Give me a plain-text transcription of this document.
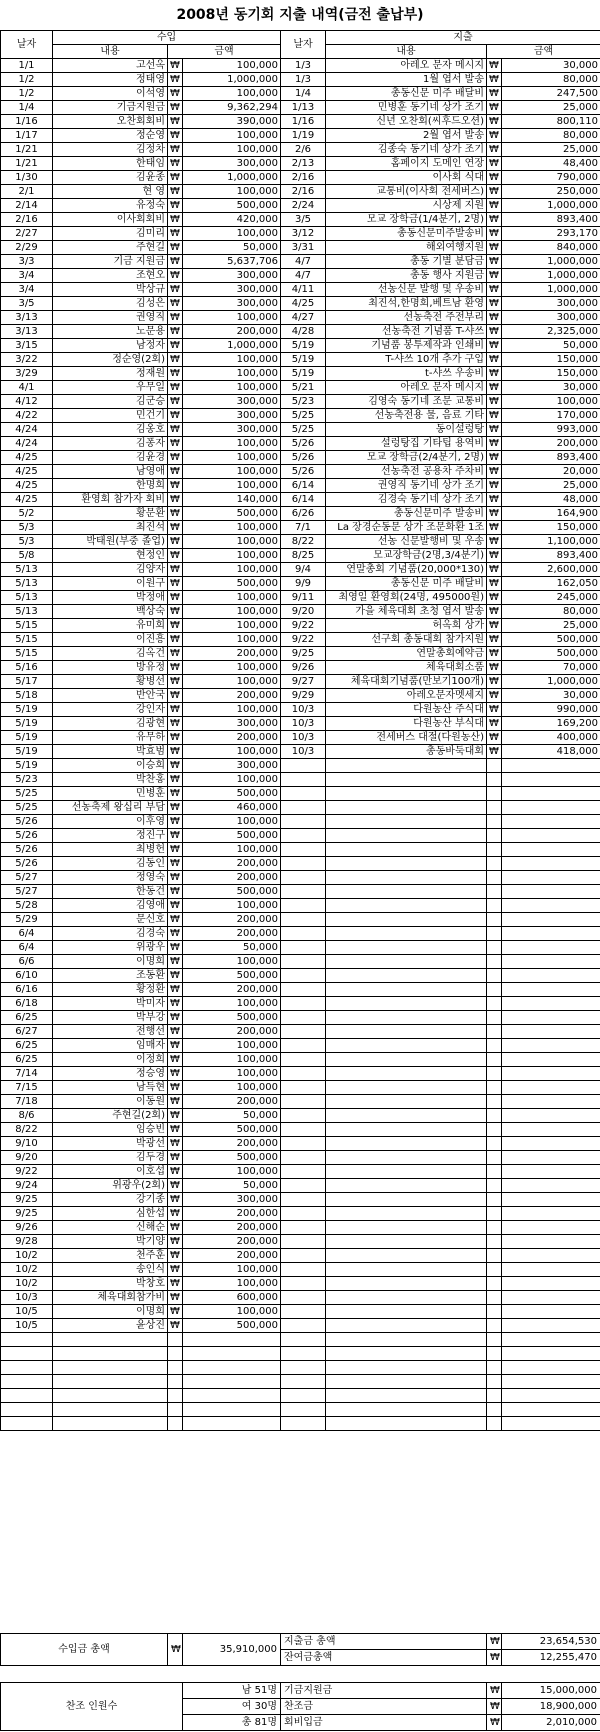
2008년 동기회 지출 내역(금전 출납부)
날자	수입			날자	지출		
	내용	금액			내용	금액	
1/1	고선옥	₩	100,000	1/3	아레오 문자 메시지	₩	30,000
1/2	정태영	₩	1,000,000	1/3	1월 엽서 발송	₩	80,000
1/2	이석영	₩	100,000	1/4	총동신문 미주 배달비	₩	247,500
1/4	기금지원금	₩	9,362,294	1/13	민병훈 동기네 상가 조기	₩	25,000
1/16	오찬회회비	₩	390,000	1/16	신년 오찬회(씨후드오션)	₩	800,110
1/17	정순영	₩	100,000	1/19	2월 엽서 발송	₩	80,000
1/21	김정차	₩	100,000	2/6	김종숙 동기네 상가 조기	₩	25,000
1/21	한태임	₩	300,000	2/13	홈페이지 도메인 연장	₩	48,400
1/30	김윤종	₩	1,000,000	2/16	이사회 식대	₩	790,000
2/1	현 영	₩	100,000	2/16	교통비(이사회 전세버스)	₩	250,000
2/14	유정숙	₩	500,000	2/24	시상제 지원	₩	1,000,000
2/16	이사회회비	₩	420,000	3/5	모교 장학금(1/4분기, 2명)	₩	893,400
2/27	김미리	₩	100,000	3/12	총동신문미주발송비	₩	293,170
2/29	주현길	₩	50,000	3/31	해외여행지원	₩	840,000
3/3	기금 지원금	₩	5,637,706	4/7	총동 기별 분담금	₩	1,000,000
3/4	조현오	₩	300,000	4/7	총동 행사 지원금	₩	1,000,000
3/4	박상규	₩	300,000	4/11	선농신문 발행 및 우송비	₩	1,000,000
3/5	김성은	₩	300,000	4/25	최진석,한명희,베트남 환영	₩	300,000
3/13	권영직	₩	100,000	4/27	선농축전 주전부리	₩	300,000
3/13	노문용	₩	200,000	4/28	선농축전 기념품 T-샤쓰	₩	2,325,000
3/15	남정자	₩	1,000,000	5/19	기념품 봉투제작과 인쇄비	₩	50,000
3/22	정순영(2회)	₩	100,000	5/19	T-샤쓰 10개 추가 구입	₩	150,000
3/29	정재원	₩	100,000	5/19	t-샤쓰 우송비	₩	150,000
4/1	우무일	₩	100,000	5/21	아레오 문자 메시지	₩	30,000
4/12	김군승	₩	300,000	5/23	김영숙 동기네 조문 교통비	₩	100,000
4/22	민건기	₩	300,000	5/25	선농축전용 물, 음료 기타	₩	170,000
4/24	김옹호	₩	300,000	5/25	동이설렁탕	₩	993,000
4/24	김퐁자	₩	100,000	5/26	설렁탕집 기타팁 용역비	₩	200,000
4/25	김윤경	₩	100,000	5/26	모교 장학금(2/4분기, 2명)	₩	893,400
4/25	남영애	₩	100,000	5/26	선농축전 공용차 주차비	₩	20,000
4/25	한명희	₩	100,000	6/14	권영직 동기네 상가 조기	₩	25,000
4/25	환영회 참가자 회비	₩	140,000	6/14	김경숙 동기네 상가 조기	₩	48,000
5/2	황문환	₩	500,000	6/26	총동신문미주 발송비	₩	164,900
5/3	최진석	₩	100,000	7/1	La 장경순동문 상가 조문화환 1조	₩	150,000
5/3	박태원(부중 졸업)	₩	100,000	8/22	선농 신문발행비 및 우송	₩	1,100,000
5/8	현정인	₩	100,000	8/25	모교장학금(2명,3/4분기)	₩	893,400
5/13	김양자	₩	100,000	9/4	연말총회 기념품(20,000*130)	₩	2,600,000
5/13	이원구	₩	500,000	9/9	총동신문 미주 배달비	₩	162,050
5/13	박정애	₩	100,000	9/11	최영일 환영회(24명, 495000원)	₩	245,000
5/13	백상숙	₩	100,000	9/20	가을 체육대회 초청 엽서 발송	₩	80,000
5/15	유미희	₩	100,000	9/22	허옥희 상가	₩	25,000
5/15	이진흥	₩	100,000	9/22	선구회 총동대회 참가지원	₩	500,000
5/15	김옥건	₩	200,000	9/25	연말총회예약금	₩	500,000
5/16	방유정	₩	100,000	9/26	체육대회소품	₩	70,000
5/17	황병선	₩	100,000	9/27	체육대회기념품(만보기100개)	₩	1,000,000
5/18	반안국	₩	200,000	9/29	아레오문자멧세지	₩	30,000
5/19	강인자	₩	100,000	10/3	다원농산 주식대	₩	990,000
5/19	김광현	₩	300,000	10/3	다원농산 부식대	₩	169,200
5/19	유무하	₩	200,000	10/3	전세버스 대절(다원농산)	₩	400,000
5/19	박효범	₩	100,000	10/3	총동바둑대회	₩	418,000
5/19	이승희	₩	300,000				
5/23	박찬홍	₩	100,000				
5/25	민병훈	₩	500,000				
5/25	선농축제 왕십리 부담	₩	460,000				
5/26	이후영	₩	100,000				
5/26	정진구	₩	500,000				
5/26	최병헌	₩	100,000				
5/26	김동인	₩	200,000				
5/27	정영숙	₩	200,000				
5/27	한동건	₩	500,000				
5/28	김영애	₩	100,000				
5/29	문신호	₩	200,000				
6/4	김경숙	₩	200,000				
6/4	위광우	₩	50,000				
6/6	이명희	₩	100,000				
6/10	조동환	₩	500,000				
6/16	황정환	₩	200,000				
6/18	박미자	₩	100,000				
6/25	박부강	₩	500,000				
6/27	전행선	₩	200,000				
6/25	임매자	₩	100,000				
6/25	이정희	₩	100,000				
7/14	정승영	₩	100,000				
7/15	남득현	₩	100,000				
7/18	이동원	₩	200,000				
8/6	주현길(2회)	₩	50,000				
8/22	임승빈	₩	500,000				
9/10	박광선	₩	200,000				
9/20	김두경	₩	500,000				
9/22	이호섭	₩	100,000				
9/24	위광우(2회)	₩	50,000				
9/25	강기종	₩	300,000				
9/25	심한섭	₩	200,000				
9/26	신해순	₩	200,000				
9/28	박기양	₩	200,000				
10/2	천주훈	₩	200,000				
10/2	송인식	₩	100,000				
10/2	박창호	₩	100,000				
10/3	체육대회참가비	₩	600,000				
10/5	이명희	₩	100,000				
10/5	윤상진	₩	500,000				

수입금 총액	₩	35,910,000	지출금 총액	₩	23,654,530
			잔여금총액	₩	12,255,470
찬조 인원수	남 51명	기금지원금	₩	15,000,000
	여 30명	찬조금	₩	18,900,000
	총 81명	회비입금	₩	2,010,000
